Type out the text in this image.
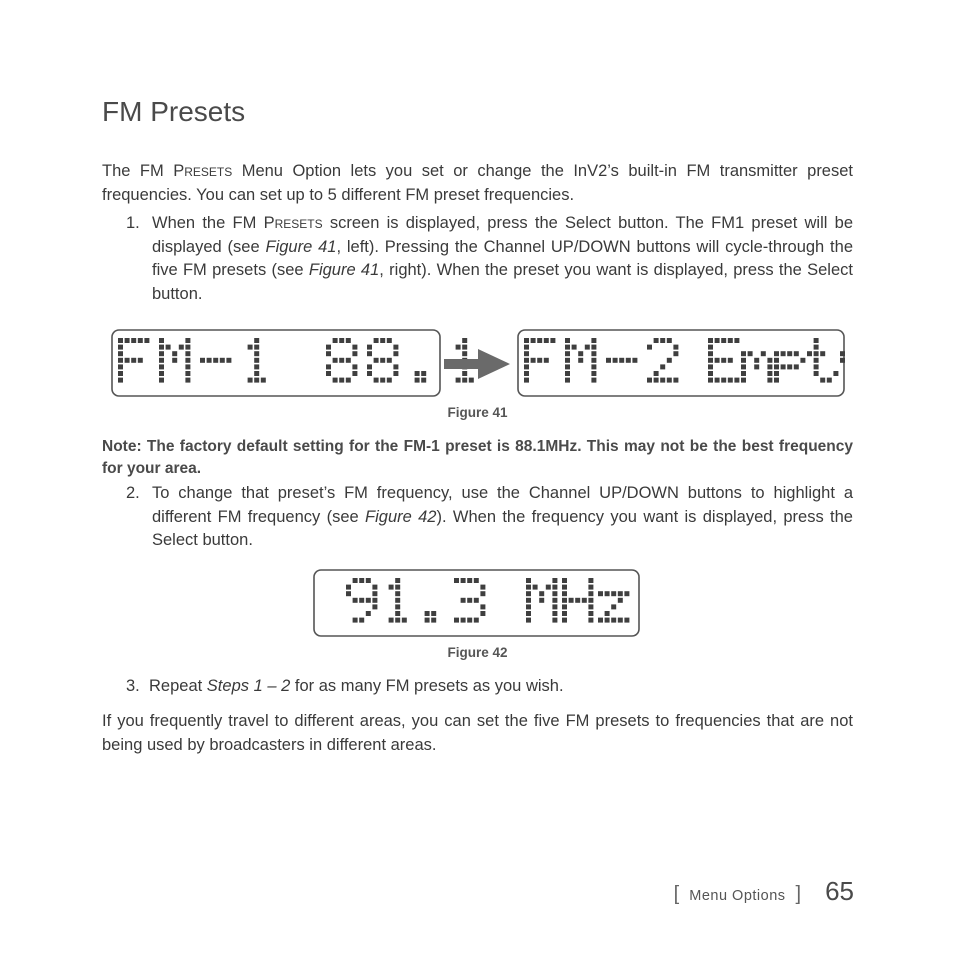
FM Presets

The FM Presets Menu Option lets you set or change the InV2’s built-in FM transmitter preset frequencies. You can set up to 5 different FM preset frequencies.

1. When the FM Presets screen is displayed, press the Select button. The FM1 preset will be displayed (see Figure 41, left). Pressing the Channel UP/DOWN buttons will cycle-through the five FM presets (see Figure 41, right). When the preset you want is displayed, press the Select button.
Figure 41

Note: The factory default setting for the FM-1 preset is 88.1MHz. This may not be the best frequency for your area.

2. To change that preset’s FM frequency, use the Channel UP/DOWN buttons to highlight a different FM frequency (see Figure 42). When the frequency you want is displayed, press the Select button.
Figure 42
3. Repeat Steps 1 – 2 for as many FM presets as you wish.

If you frequently travel to different areas, you can set the five FM presets to frequencies that are not being used by broadcasters in different areas.

[ Menu Options ] 65
